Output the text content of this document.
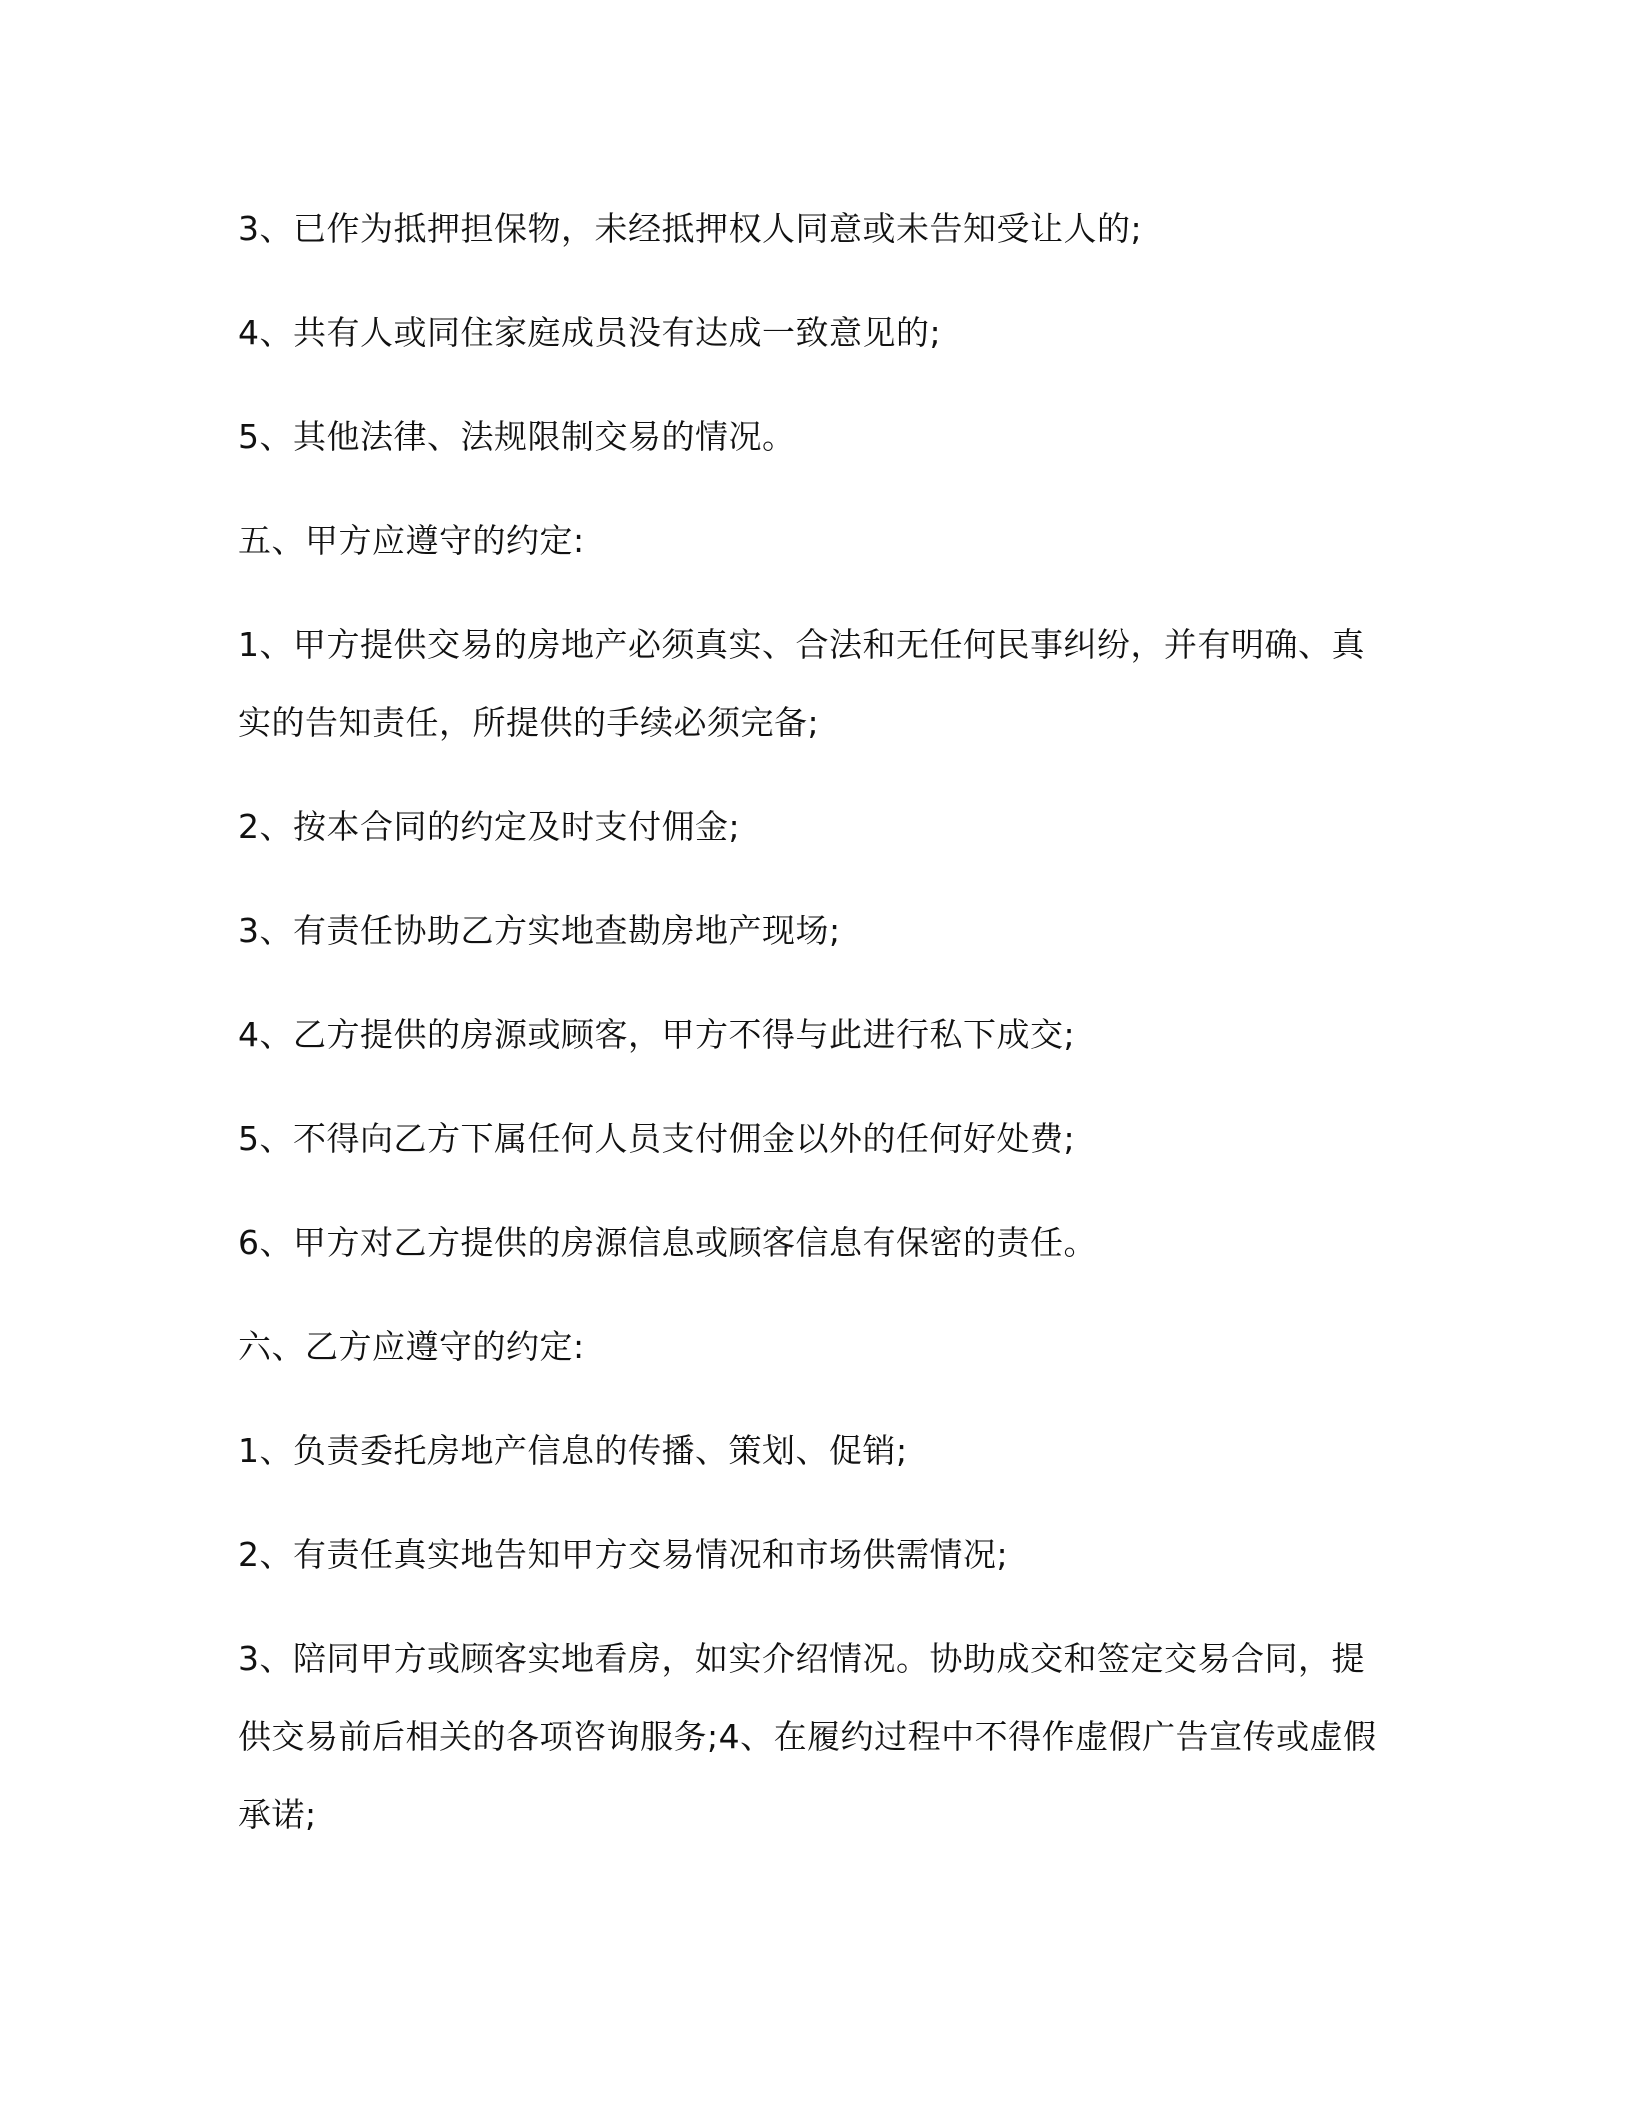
3、已作为抵押担保物，未经抵押权人同意或未告知受让人的;

4、共有人或同住家庭成员没有达成一致意见的;

5、其他法律、法规限制交易的情况。

五、甲方应遵守的约定:

1、甲方提供交易的房地产必须真实、合法和无任何民事纠纷，并有明确、真实的告知责任，所提供的手续必须完备;

2、按本合同的约定及时支付佣金;

3、有责任协助乙方实地查勘房地产现场;

4、乙方提供的房源或顾客，甲方不得与此进行私下成交;

5、不得向乙方下属任何人员支付佣金以外的任何好处费;

6、甲方对乙方提供的房源信息或顾客信息有保密的责任。

六、乙方应遵守的约定:

1、负责委托房地产信息的传播、策划、促销;

2、有责任真实地告知甲方交易情况和市场供需情况;

3、陪同甲方或顾客实地看房，如实介绍情况。协助成交和签定交易合同，提供交易前后相关的各项咨询服务;4、在履约过程中不得作虚假广告宣传或虚假承诺;
